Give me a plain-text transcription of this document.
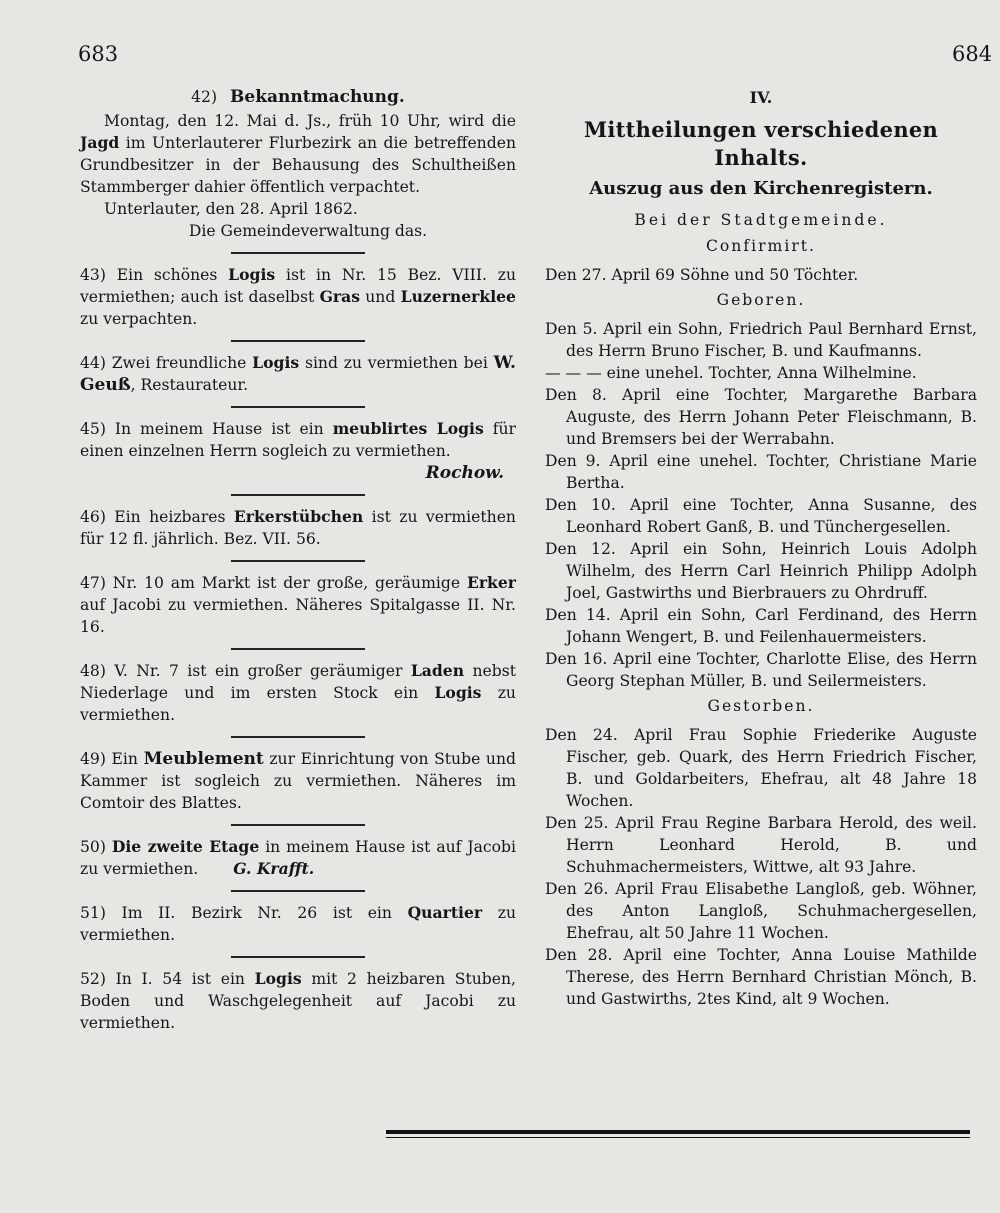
683	684

42) Bekanntmachung.

Montag, den 12. Mai d. Js., früh 10 Uhr, wird die Jagd im Unterlauterer Flurbezirk an die betreffenden Grundbesitzer in der Behausung des Schultheißen Stammberger dahier öffentlich verpachtet.

Unterlauter, den 28. April 1862.

Die Gemeindeverwaltung das.

43) Ein schönes Logis ist in Nr. 15 Bez. VIII. zu vermiethen; auch ist daselbst Gras und Luzernerklee zu verpachten.

44) Zwei freundliche Logis sind zu vermiethen bei W. Geuß, Restaurateur.

45) In meinem Hause ist ein meublirtes Logis für einen einzelnen Herrn sogleich zu vermiethen.

Rochow.

46) Ein heizbares Erkerstübchen ist zu vermiethen für 12 fl. jährlich. Bez. VII. 56.

47) Nr. 10 am Markt ist der große, geräumige Erker auf Jacobi zu vermiethen. Näheres Spitalgasse II. Nr. 16.

48) V. Nr. 7 ist ein großer geräumiger Laden nebst Niederlage und im ersten Stock ein Logis zu vermiethen.

49) Ein Meublement zur Einrichtung von Stube und Kammer ist sogleich zu vermiethen. Näheres im Comtoir des Blattes.

50) Die zweite Etage in meinem Hause ist auf Jacobi zu vermiethen. G. Krafft.

51) Im II. Bezirk Nr. 26 ist ein Quartier zu vermiethen.

52) In I. 54 ist ein Logis mit 2 heizbaren Stuben, Boden und Waschgelegenheit auf Jacobi zu vermiethen.

IV.

Mittheilungen verschiedenen Inhalts.

Auszug aus den Kirchenregistern.

Bei der Stadtgemeinde.

Confirmirt.

Den 27. April 69 Söhne und 50 Töchter.

Geboren.

Den 5. April ein Sohn, Friedrich Paul Bernhard Ernst, des Herrn Bruno Fischer, B. und Kaufmanns.

— — — eine unehel. Tochter, Anna Wilhelmine.

Den 8. April eine Tochter, Margarethe Barbara Auguste, des Herrn Johann Peter Fleischmann, B. und Bremsers bei der Werrabahn.

Den 9. April eine unehel. Tochter, Christiane Marie Bertha.

Den 10. April eine Tochter, Anna Susanne, des Leonhard Robert Ganß, B. und Tünchergesellen.

Den 12. April ein Sohn, Heinrich Louis Adolph Wilhelm, des Herrn Carl Heinrich Philipp Adolph Joel, Gastwirths und Bierbrauers zu Ohrdruff.

Den 14. April ein Sohn, Carl Ferdinand, des Herrn Johann Wengert, B. und Feilenhauermeisters.

Den 16. April eine Tochter, Charlotte Elise, des Herrn Georg Stephan Müller, B. und Seilermeisters.

Gestorben.

Den 24. April Frau Sophie Friederike Auguste Fischer, geb. Quark, des Herrn Friedrich Fischer, B. und Goldarbeiters, Ehefrau, alt 48 Jahre 18 Wochen.

Den 25. April Frau Regine Barbara Herold, des weil. Herrn Leonhard Herold, B. und Schuhmachermeisters, Wittwe, alt 93 Jahre.

Den 26. April Frau Elisabethe Langloß, geb. Wöhner, des Anton Langloß, Schuhmachergesellen, Ehefrau, alt 50 Jahre 11 Wochen.

Den 28. April eine Tochter, Anna Louise Mathilde Therese, des Herrn Bernhard Christian Mönch, B. und Gastwirths, 2tes Kind, alt 9 Wochen.
